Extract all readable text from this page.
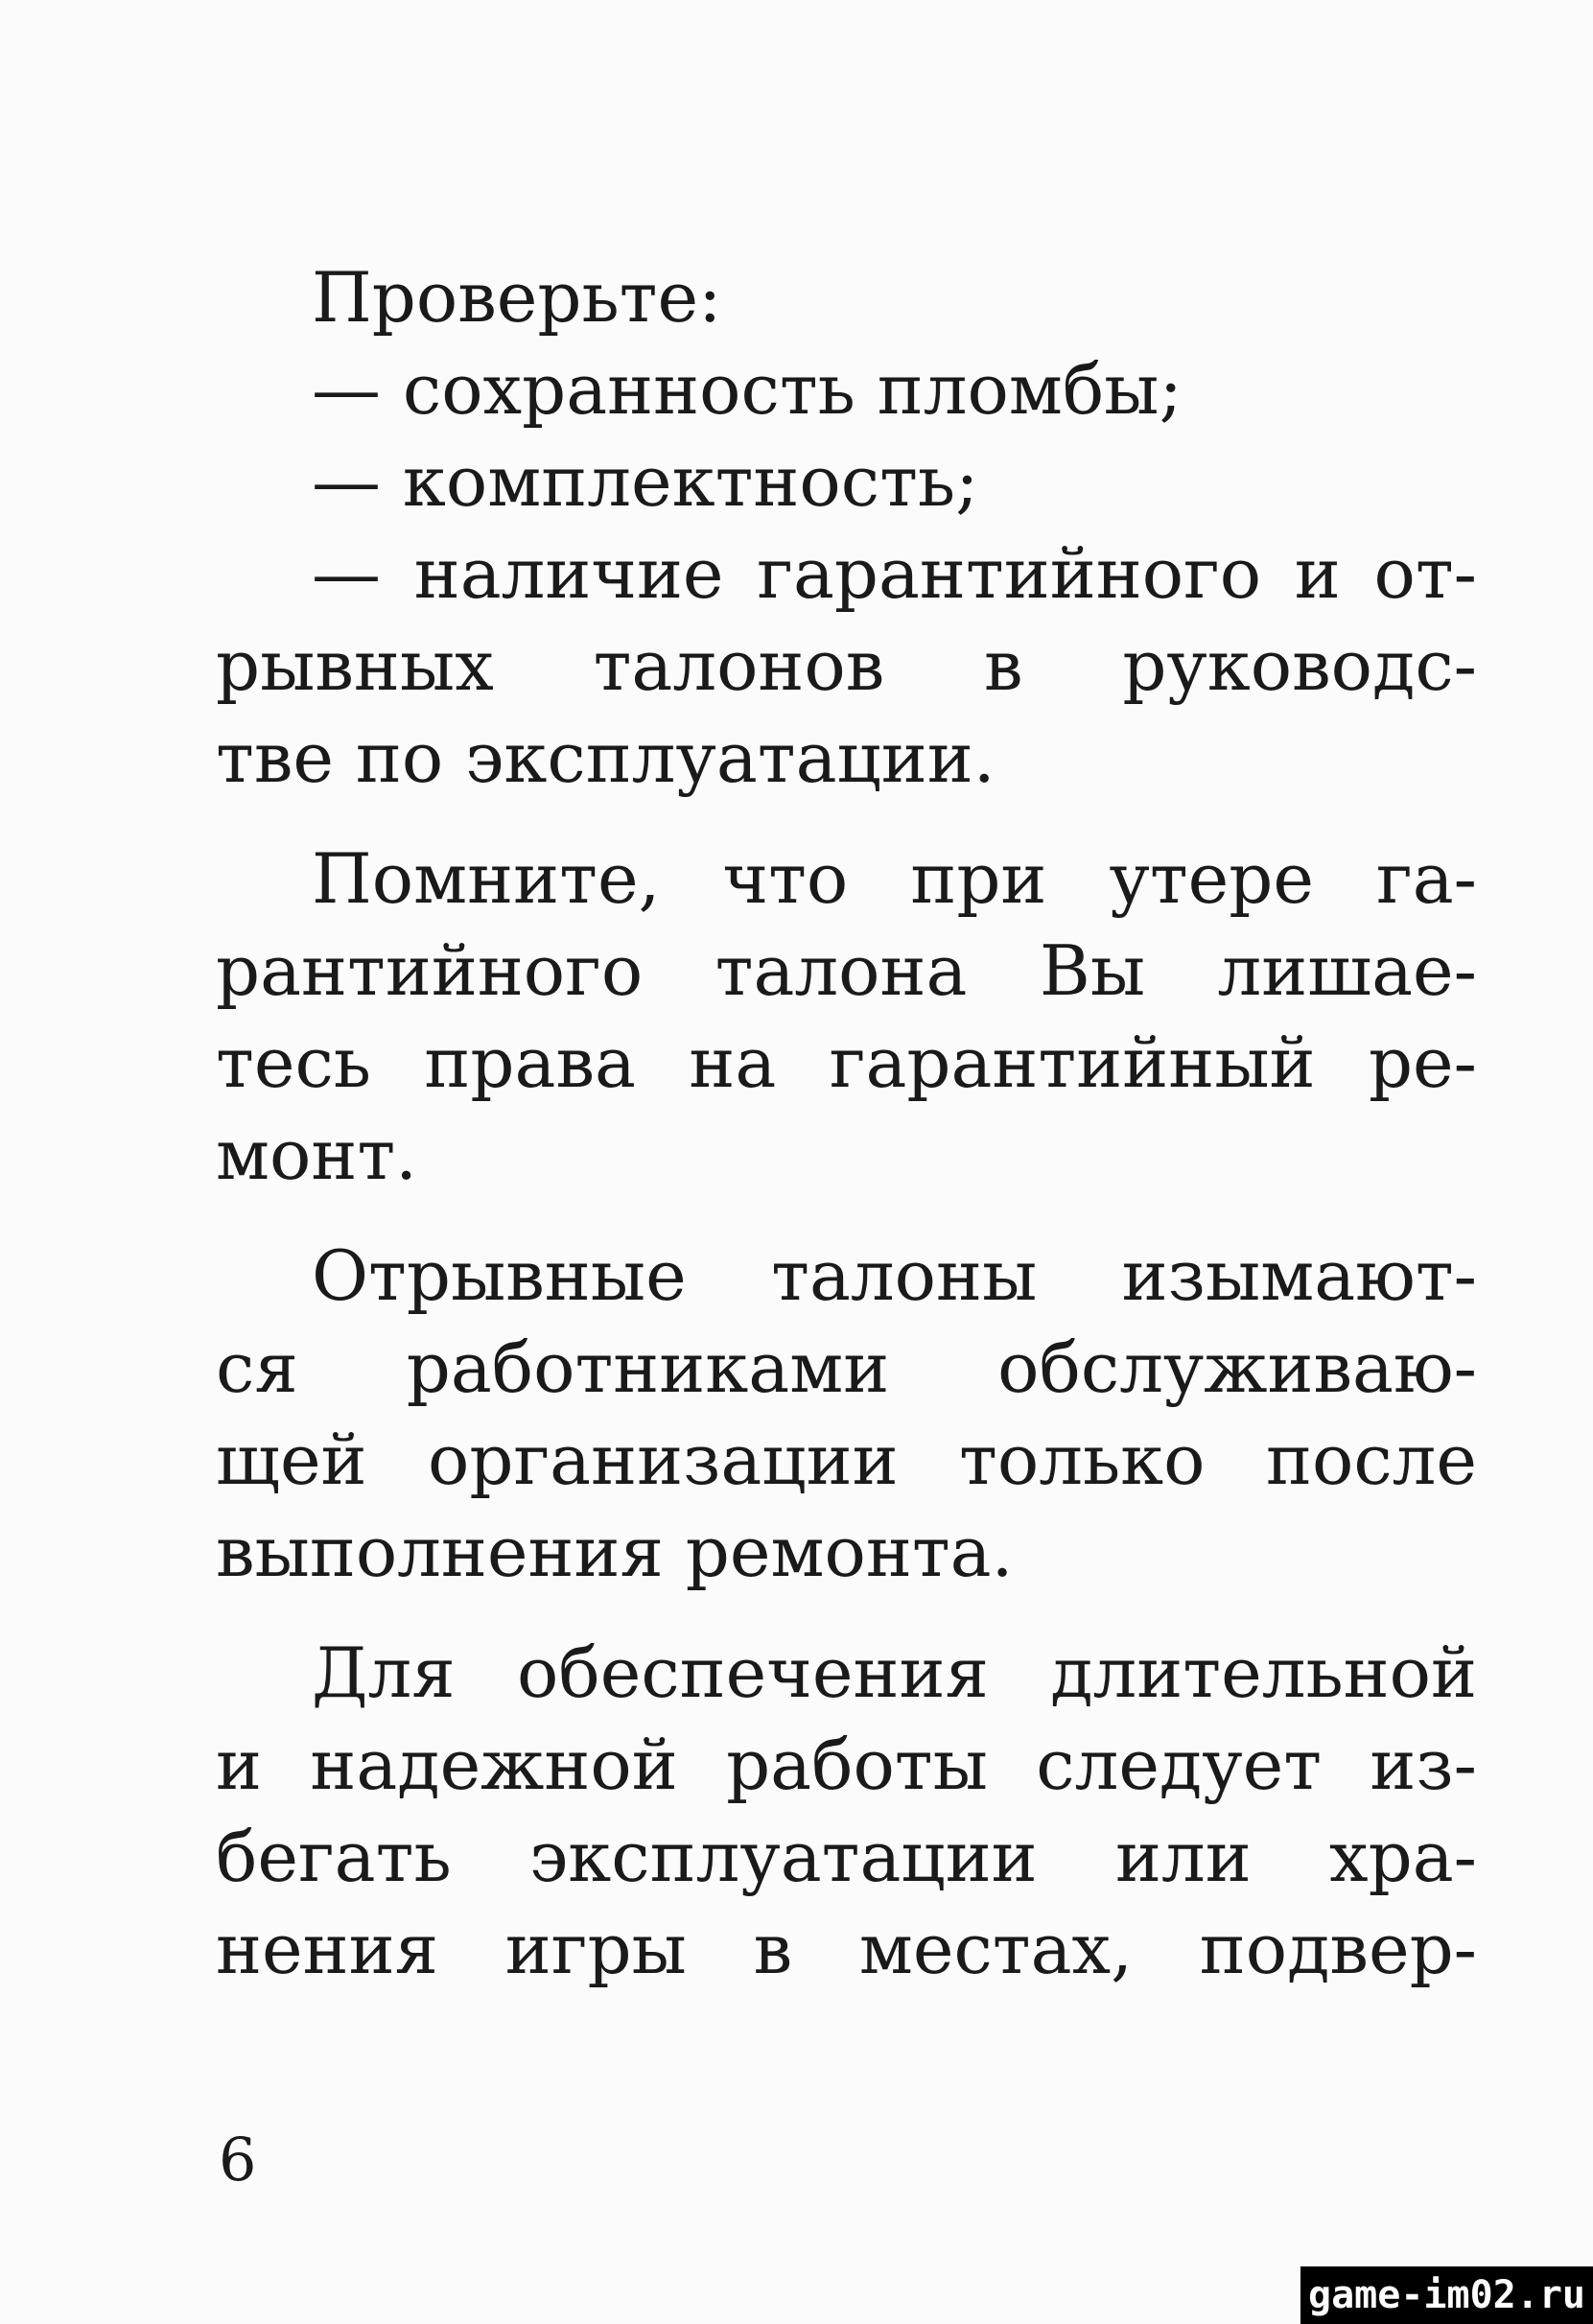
Проверьте:
— сохранность пломбы;
— комплектность;
— наличие гарантийного и от-
рывных талонов в руководс-
тве по эксплуатации.
Помните, что при утере га-
рантийного талона Вы лишае-
тесь права на гарантийный ре-
монт.
Отрывные талоны изымают-
ся работниками обслуживаю-
щей организации только после
выполнения ремонта.
Для обеспечения длительной
и надежной работы следует из-
бегать эксплуатации или хра-
нения игры в местах, подвер-
6
game-im02.ru
